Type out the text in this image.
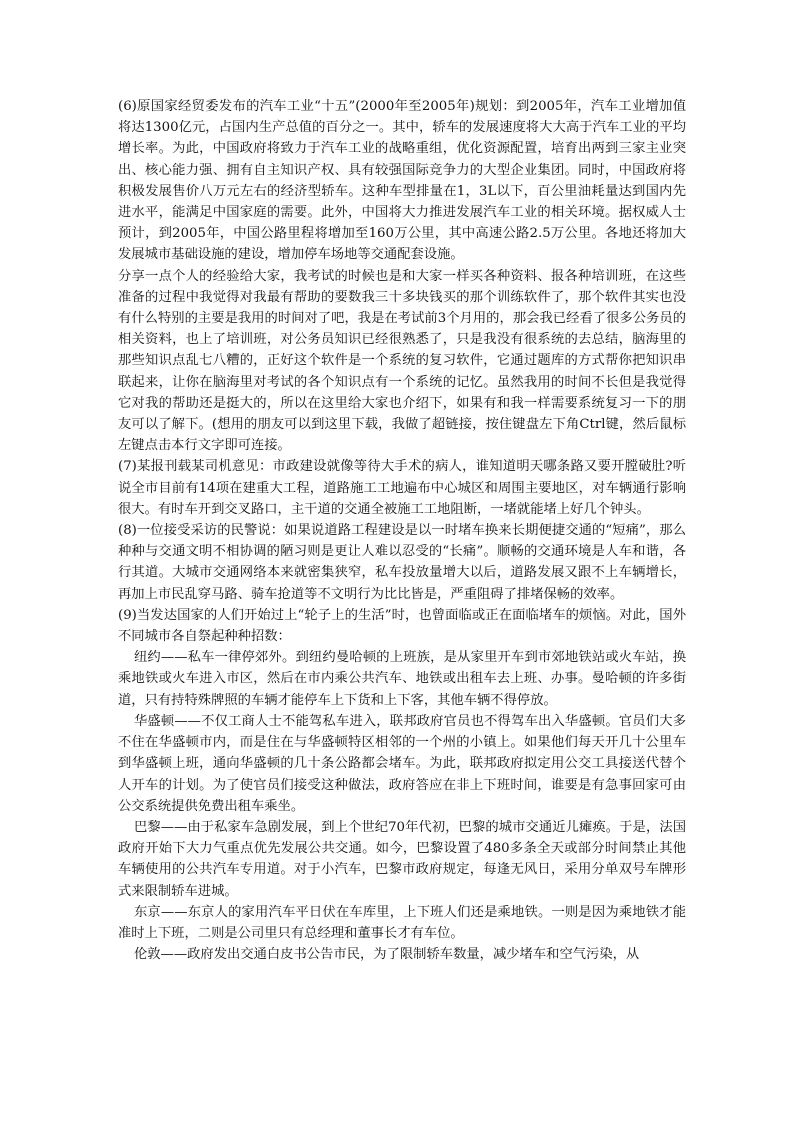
(6)原国家经贸委发布的汽车工业“十五”(2000年至2005年)规划：到2005年，汽车工业增加值将达1300亿元，占国内生产总值的百分之一。其中，轿车的发展速度将大大高于汽车工业的平均增长率。为此，中国政府将致力于汽车工业的战略重组，优化资源配置，培育出两到三家主业突出、核心能力强、拥有自主知识产权、具有较强国际竞争力的大型企业集团。同时，中国政府将积极发展售价八万元左右的经济型轿车。这种车型排量在1，3L以下，百公里油耗量达到国内先进水平，能满足中国家庭的需要。此外，中国将大力推进发展汽车工业的相关环境。据权威人士预计，到2005年，中国公路里程将增加至160万公里，其中高速公路2.5万公里。各地还将加大发展城市基础设施的建设，增加停车场地等交通配套设施。

分享一点个人的经验给大家，我考试的时候也是和大家一样买各种资料、报各种培训班，在这些准备的过程中我觉得对我最有帮助的要数我三十多块钱买的那个训练软件了，那个软件其实也没有什么特别的主要是我用的时间对了吧，我是在考试前3个月用的，那会我已经看了很多公务员的相关资料，也上了培训班，对公务员知识已经很熟悉了，只是我没有很系统的去总结，脑海里的那些知识点乱七八糟的，正好这个软件是一个系统的复习软件，它通过题库的方式帮你把知识串联起来，让你在脑海里对考试的各个知识点有一个系统的记忆。虽然我用的时间不长但是我觉得它对我的帮助还是挺大的，所以在这里给大家也介绍下，如果有和我一样需要系统复习一下的朋友可以了解下。(想用的朋友可以到这里下载，我做了超链接，按住键盘左下角Ctrl键，然后鼠标左键点击本行文字即可连接。

(7)某报刊载某司机意见：市政建设就像等待大手术的病人，谁知道明天哪条路又要开膛破肚?听说全市目前有14项在建重大工程，道路施工工地遍布中心城区和周围主要地区，对车辆通行影响很大。有时车开到交叉路口，主干道的交通全被施工工地阻断，一堵就能堵上好几个钟头。

(8)一位接受采访的民警说：如果说道路工程建设是以一时堵车换来长期便捷交通的“短痛”，那么种种与交通文明不相协调的陋习则是更让人难以忍受的“长痛”。顺畅的交通环境是人车和谐，各行其道。大城市交通网络本来就密集狭窄，私车投放量增大以后，道路发展又跟不上车辆增长，再加上市民乱穿马路、骑车抢道等不文明行为比比皆是，严重阻碍了排堵保畅的效率。

(9)当发达国家的人们开始过上“轮子上的生活”时，也曾面临或正在面临堵车的烦恼。对此，国外不同城市各自祭起种种招数：

纽约——私车一律停郊外。到纽约曼哈顿的上班族，是从家里开车到市郊地铁站或火车站，换乘地铁或火车进入市区，然后在市内乘公共汽车、地铁或出租车去上班、办事。曼哈顿的许多街道，只有持特殊牌照的车辆才能停车上下货和上下客，其他车辆不得停放。

华盛顿——不仅工商人士不能驾私车进入，联邦政府官员也不得驾车出入华盛顿。官员们大多不住在华盛顿市内，而是住在与华盛顿特区相邻的一个州的小镇上。如果他们每天开几十公里车到华盛顿上班，通向华盛顿的几十条公路都会堵车。为此，联邦政府拟定用公交工具接送代替个人开车的计划。为了使官员们接受这种做法，政府答应在非上下班时间，谁要是有急事回家可由公交系统提供免费出租车乘坐。

巴黎——由于私家车急剧发展，到上个世纪70年代初，巴黎的城市交通近儿瘫痪。于是，法国政府开始下大力气重点优先发展公共交通。如今，巴黎设置了480多条全天或部分时间禁止其他车辆使用的公共汽车专用道。对于小汽车，巴黎市政府规定，每逢无风日，采用分单双号车牌形式来限制轿车进城。

东京——东京人的家用汽车平日伏在车库里，上下班人们还是乘地铁。一则是因为乘地铁才能准时上下班，二则是公司里只有总经理和董事长才有车位。

伦敦——政府发出交通白皮书公告市民，为了限制轿车数量，减少堵车和空气污染，从
